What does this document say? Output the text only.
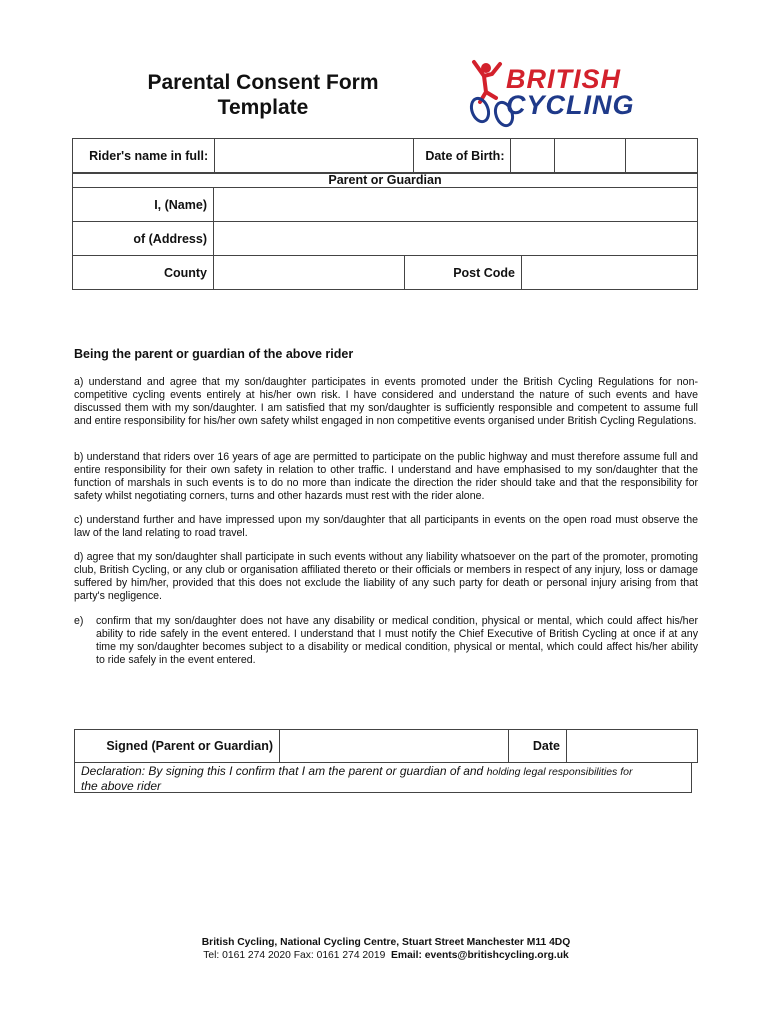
Parental Consent Form
Template
BRITISH
CYCLING
Rider's name in full:		Date of Birth:			
Parent or Guardian			
I, (Name)			
of (Address)			
County		Post Code	
Being the parent or guardian of the above rider
a) understand and agree that my son/daughter participates in events promoted under the British Cycling Regulations for non-competitive cycling events entirely at his/her own risk. I have considered and understand the nature of such events and have discussed them with my son/daughter. I am satisfied that my son/daughter is sufficiently responsible and competent to assume full and entire responsibility for his/her own safety whilst engaged in non competitive events organised under British Cycling Regulations.
b) understand that riders over 16 years of age are permitted to participate on the public highway and must therefore assume full and entire responsibility for their own safety in relation to other traffic. I understand and have emphasised to my son/daughter that the function of marshals in such events is to do no more than indicate the direction the rider should take and that the responsibility for safety whilst negotiating corners, turns and other hazards must rest with the rider alone.
c) understand further and have impressed upon my son/daughter that all participants in events on the open road must observe the law of the land relating to road travel.
d) agree that my son/daughter shall participate in such events without any liability whatsoever on the part of the promoter, promoting club, British Cycling, or any club or organisation affiliated thereto or their officials or members in respect of any injury, loss or damage suffered by him/her, provided that this does not exclude the liability of any such party for death or personal injury arising from that party's negligence.
e)	confirm that my son/daughter does not have any disability or medical condition, physical or mental, which could affect his/her ability to ride safely in the event entered. I understand that I must notify the Chief Executive of British Cycling at once if at any time my son/daughter becomes subject to a disability or medical condition, physical or mental, which could affect his/her ability to ride safely in the event entered.
Signed (Parent or Guardian)		Date	
Declaration: By signing this I confirm that I am the parent or guardian of and holding legal responsibilities for
the above rider
British Cycling, National Cycling Centre, Stuart Street Manchester M11 4DQ
Tel: 0161 274 2020 Fax: 0161 274 2019 Email: events@britishcycling.org.uk
